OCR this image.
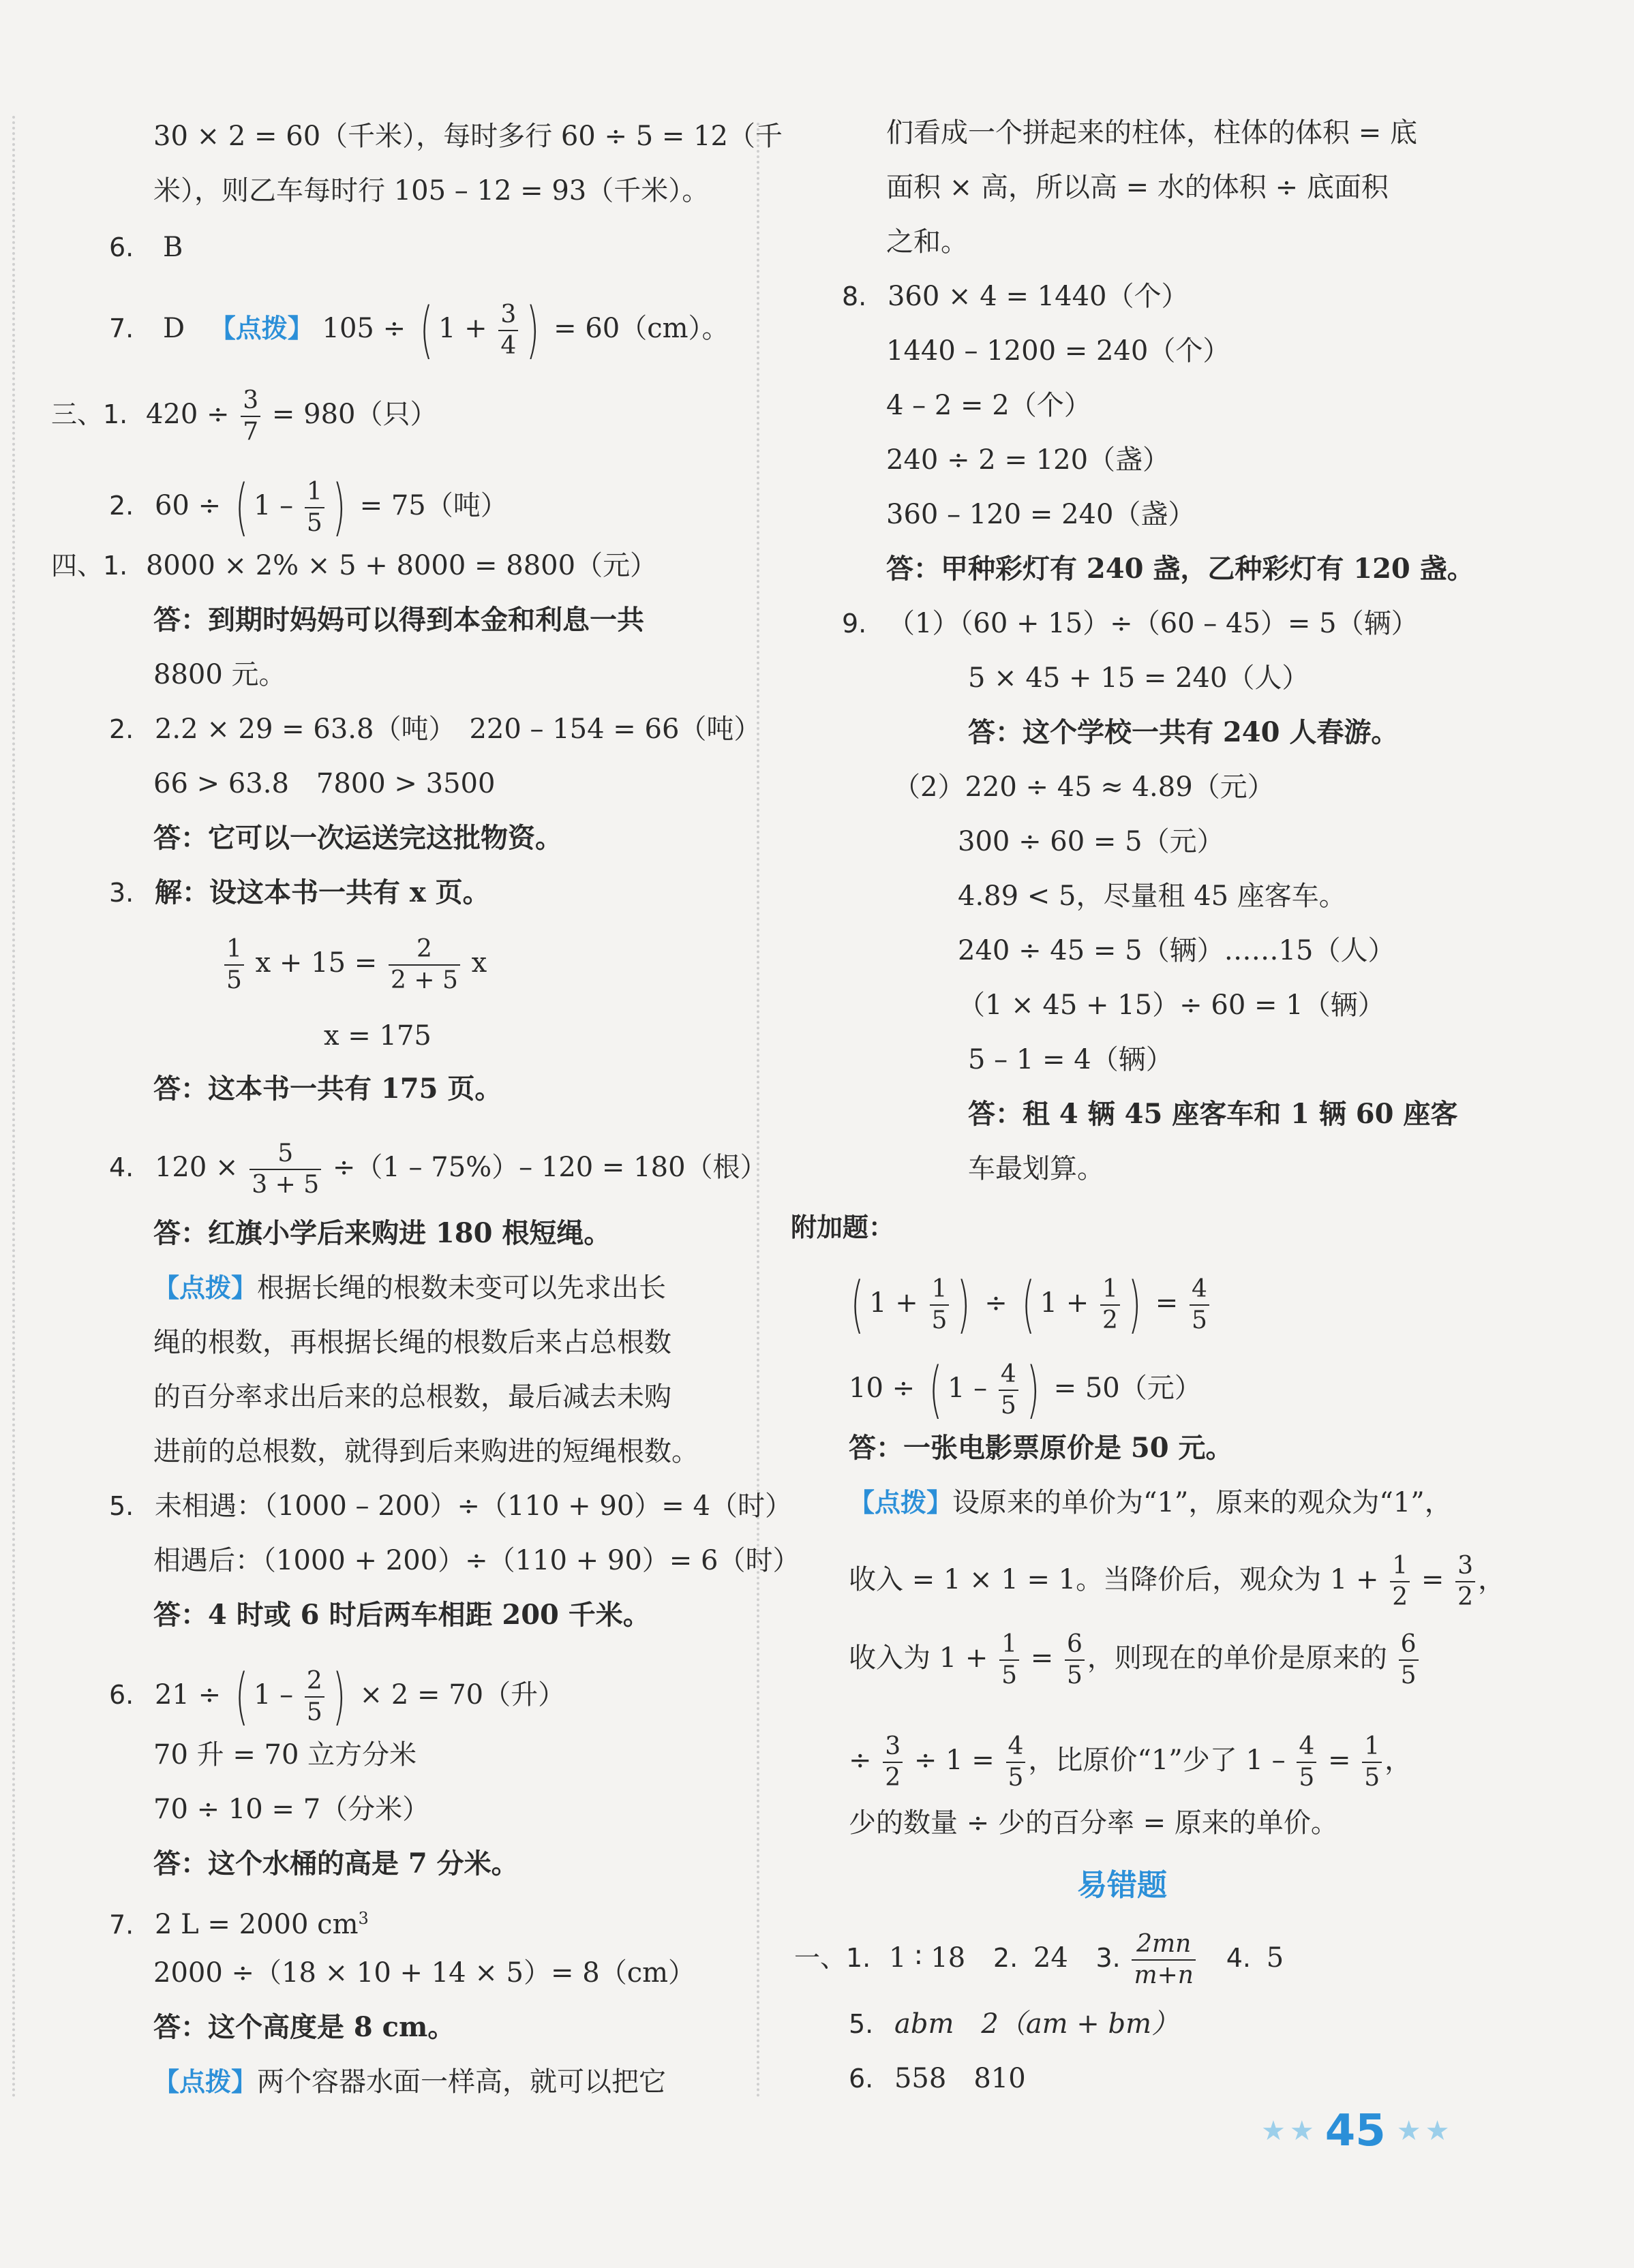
30 × 2 = 60（千米），每时多行 60 ÷ 5 = 12（千
米），则乙车每时行 105 – 12 = 93（千米）。
6. B
7. D 【点拨】 105 ÷ ( $1 + \frac{3}{4}$ ) = 60（cm）。
三、1. $420 \div \frac{3}{7} = 980$（只）
2. 60 ÷ ( $1 - \frac{1}{5}$ ) = 75（吨）
四、1. 8000 × 2% × 5 + 8000 = 8800（元）
答：到期时妈妈可以得到本金和利息一共
8800 元。
2. 2.2 × 29 = 63.8（吨）　220 – 154 = 66（吨）
66 > 63.8　7800 > 3500
答：它可以一次运送完这批物资。
3. 解：设这本书一共有 x 页。
$\frac{1}{5}$ $x + 15 = \frac{2}{2 + 5}$ x
x = 175
答：这本书一共有 175 页。
4. $120 \times \frac{5}{3 + 5} \div(1 - 75\%)-$ 120 = 180（根）
答：红旗小学后来购进 180 根短绳。
【点拨】根据长绳的根数未变可以先求出长
绳的根数，再根据长绳的根数后来占总根数
的百分率求出后来的总根数，最后减去未购
进前的总根数，就得到后来购进的短绳根数。
5. 未相遇：（1000 – 200）÷（110 + 90）= 4（时）
相遇后：（1000 + 200）÷（110 + 90）= 6（时）
答：4 时或 6 时后两车相距 200 千米。
6. 21 ÷ ( $1 - \frac{2}{5}$ ) × 2 = 70（升）
70 升 = 70 立方分米
70 ÷ 10 = 7（分米）
答：这个水桶的高是 7 分米。
7. 2 L = 2000 $cm^3$
2000 ÷（18 × 10 + 14 × 5）= 8（cm）
答：这个高度是 8 cm。
【点拨】两个容器水面一样高，就可以把它
们看成一个拼起来的柱体，柱体的体积 = 底
面积 × 高，所以高 = 水的体积 ÷ 底面积
之和。
8. 360 × 4 = 1440（个）
1440 – 1200 = 240（个）
4 – 2 = 2（个）
240 ÷ 2 = 120（盏）
360 – 120 = 240（盏）
答：甲种彩灯有 240 盏，乙种彩灯有 120 盏。
9. （1）（60 + 15）÷（60 – 45）= 5（辆）
5 × 45 + 15 = 240（人）
答：这个学校一共有 240 人春游。
（2）220 ÷ 45 ≈ 4.89（元）
300 ÷ 60 = 5（元）
4.89 < 5，尽量租 45 座客车。
240 ÷ 45 = 5（辆）……15（人）
（1 × 45 + 15）÷ 60 = 1（辆）
5 – 1 = 4（辆）
答：租 4 辆 45 座客车和 1 辆 60 座客
车最划算。
附加题：
( $1 + \frac{1}{5}$ ) ÷ ( $1 + \frac{1}{2}$ ) = $\frac{4}{5}$
10 ÷ ( $1 - \frac{4}{5}$ ) = 50（元）
答：一张电影票原价是 50 元。
【点拨】设原来的单价为“1”，原来的观众为“1”，
收入 = 1 × 1 = 1。当降价后，观众为 $1 + \frac{1}{2} = \frac{3}{2}$ ，
收入为 $1 + \frac{1}{5} = \frac{6}{5}$ ，则现在的单价是原来的 $\frac{6}{5}$
÷ $\frac{3}{2} \div 1 = \frac{4}{5}$ ，比原价“1”少了 $1 - \frac{4}{5} = \frac{1}{5}$ ，
少的数量 ÷ 少的百分率 = 原来的单价。
易错题
一、1. 1 ∶ 18 2. 24 3. $\frac{2mn}{m+n} 4$. 5
5. abm　2（am + bm）
6. 558　810
★ ★ 45 ★ ★
